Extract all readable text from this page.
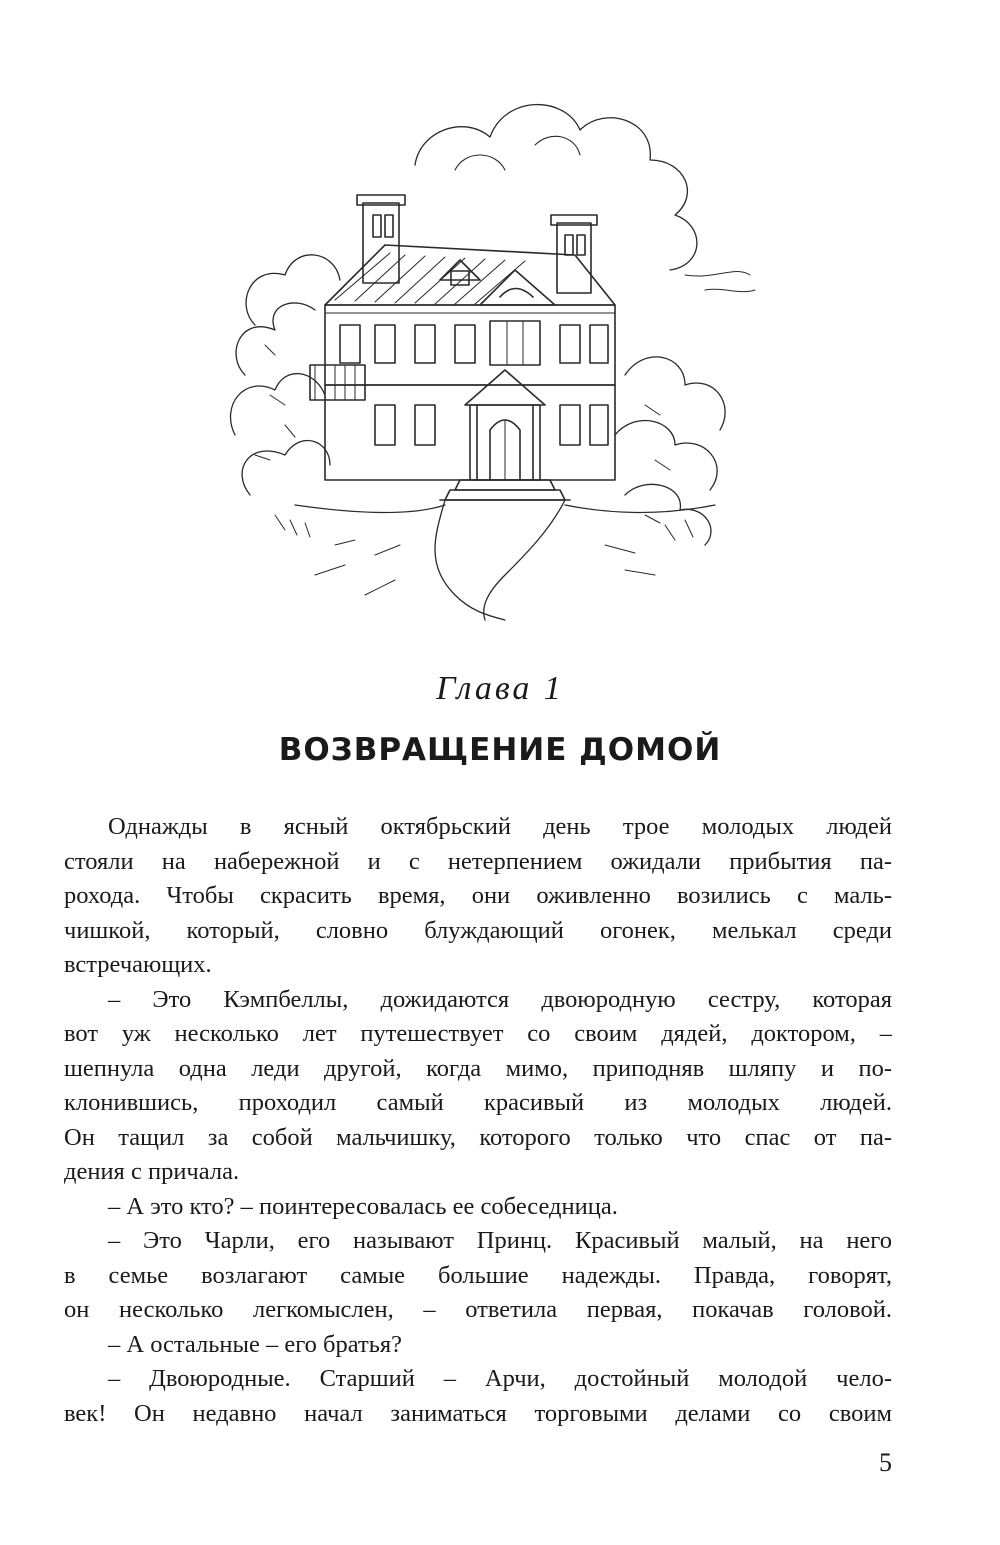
Глава 1
ВОЗВРАЩЕНИЕ ДОМОЙ
Однажды в ясный октябрьский день трое молодых людей
стояли на набережной и с нетерпением ожидали прибытия па-
рохода. Чтобы скрасить время, они оживленно возились с маль-
чишкой, который, словно блуждающий огонек, мелькал среди
встречающих.
– Это Кэмпбеллы, дожидаются двоюродную сестру, которая
вот уж несколько лет путешествует со своим дядей, доктором, –
шепнула одна леди другой, когда мимо, приподняв шляпу и по-
клонившись, проходил самый красивый из молодых людей.
Он тащил за собой мальчишку, которого только что спас от па-
дения с причала.
– А это кто? – поинтересовалась ее собеседница.
– Это Чарли, его называют Принц. Красивый малый, на него
в семье возлагают самые большие надежды. Правда, говорят,
он несколько легкомыслен, – ответила первая, покачав головой.
– А остальные – его братья?
– Двоюродные. Старший – Арчи, достойный молодой чело-
век! Он недавно начал заниматься торговыми делами со своим
5
